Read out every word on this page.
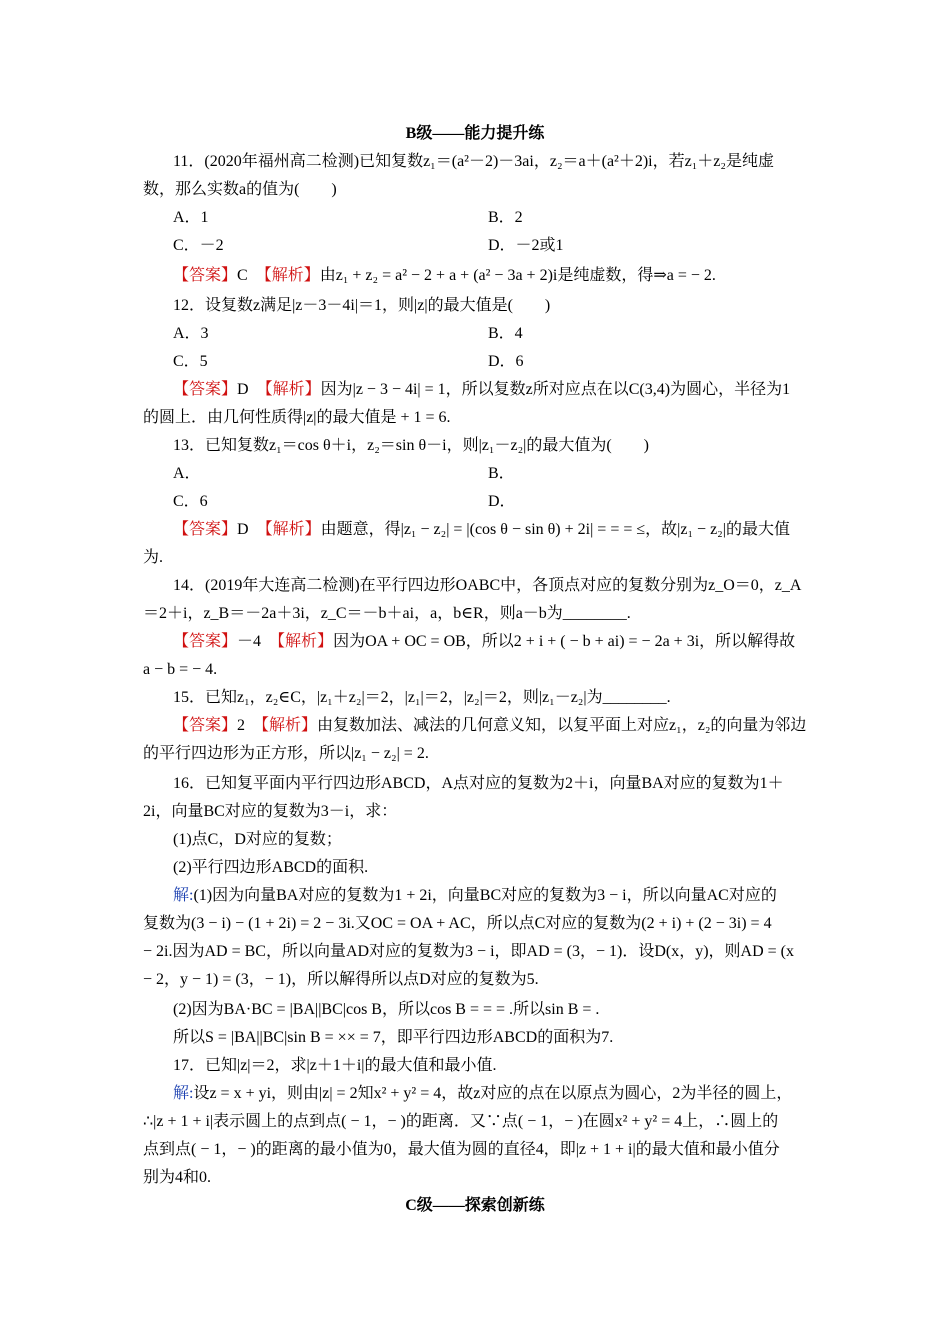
B级——能力提升练
11．(2020年福州高二检测)已知复数z₁＝(a²－2)－3ai，z₂＝a＋(a²＋2)i，若z₁＋z₂是纯虚
数，那么实数a的值为(　　)
A．1	B．2
C．－2	D．－2或1
【答案】C　 【解析】由z₁ + z₂ = a² − 2 + a + (a² − 3a + 2)i是纯虚数，得⇒a = − 2.
12．设复数z满足|z－3－4i|＝1，则|z|的最大值是(　　)
A．3	B．4
C．5	D．6
【答案】D　 【解析】因为|z − 3 − 4i| = 1，所以复数z所对应点在以C(3,4)为圆心，半径为1
的圆上．由几何性质得|z|的最大值是 + 1 = 6.
13．已知复数z₁＝cos θ＋i，z₂＝sin θ－i，则|z₁－z₂|的最大值为(　　)
A．	B．
C．6	D．
【答案】D　 【解析】由题意，得|z₁ − z₂| = |(cos θ − sin θ) + 2i| = = = ≤，故|z₁ − z₂|的最大值
为.
14．(2019年大连高二检测)在平行四边形OABC中，各顶点对应的复数分别为z_O＝0，z_A
＝2＋i，z_B＝－2a＋3i，z_C＝－b＋ai，a，b∈R，则a－b为________.
【答案】－4　 【解析】因为OA + OC = OB，所以2 + i + ( − b + ai) = − 2a + 3i，所以解得故
a − b = − 4.
15．已知z₁，z₂∈C，|z₁＋z₂|＝2，|z₁|＝2，|z₂|＝2，则|z₁－z₂|为________.
【答案】2　 【解析】由复数加法、减法的几何意义知，以复平面上对应z₁，z₂的向量为邻边
的平行四边形为正方形，所以|z₁ − z₂| = 2.
16．已知复平面内平行四边形ABCD，A点对应的复数为2＋i，向量BA对应的复数为1＋
2i，向量BC对应的复数为3－i，求：
(1)点C，D对应的复数；
(2)平行四边形ABCD的面积.
解:(1)因为向量BA对应的复数为1 + 2i，向量BC对应的复数为3 − i，所以向量AC对应的
复数为(3 − i) − (1 + 2i) = 2 − 3i.又OC = OA + AC，所以点C对应的复数为(2 + i) + (2 − 3i) = 4
− 2i.因为AD = BC，所以向量AD对应的复数为3 − i，即AD = (3，− 1)．设D(x，y)，则AD = (x
− 2，y − 1) = (3，− 1)，所以解得所以点D对应的复数为5.
(2)因为BA·BC = |BA||BC|cos B，所以cos B = = = .所以sin B = .
所以S = |BA||BC|sin B = ×× = 7，即平行四边形ABCD的面积为7.
17．已知|z|＝2，求|z＋1＋i|的最大值和最小值.
解:设z = x + yi，则由|z| = 2知x² + y² = 4，故z对应的点在以原点为圆心，2为半径的圆上，
∴|z + 1 + i|表示圆上的点到点( − 1，− )的距离．又∵点( − 1，− )在圆x² + y² = 4上，∴圆上的
点到点( − 1，− )的距离的最小值为0，最大值为圆的直径4，即|z + 1 + i|的最大值和最小值分
别为4和0.
C级——探索创新练
